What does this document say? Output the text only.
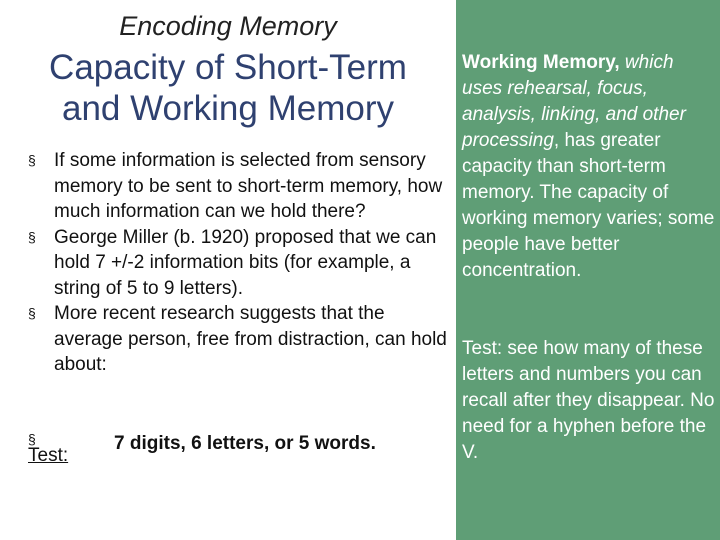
Encoding Memory
Capacity of Short-Term
and Working Memory
§ If some information is selected from sensory memory to be sent to short-term memory, how much information can we hold there?
§ George Miller (b. 1920) proposed that we can hold 7 +/-2 information bits (for example, a string of 5 to 9 letters).
§ More recent research suggests that the average person, free from distraction, can hold about:
§
Test:
7 digits, 6 letters, or 5 words.
Working Memory, which uses rehearsal, focus, analysis, linking, and other processing, has greater capacity than short-term memory. The capacity of working memory varies; some people have better concentration.
Test: see how many of these letters and numbers you can recall after they disappear. No need for a hyphen before the V.
